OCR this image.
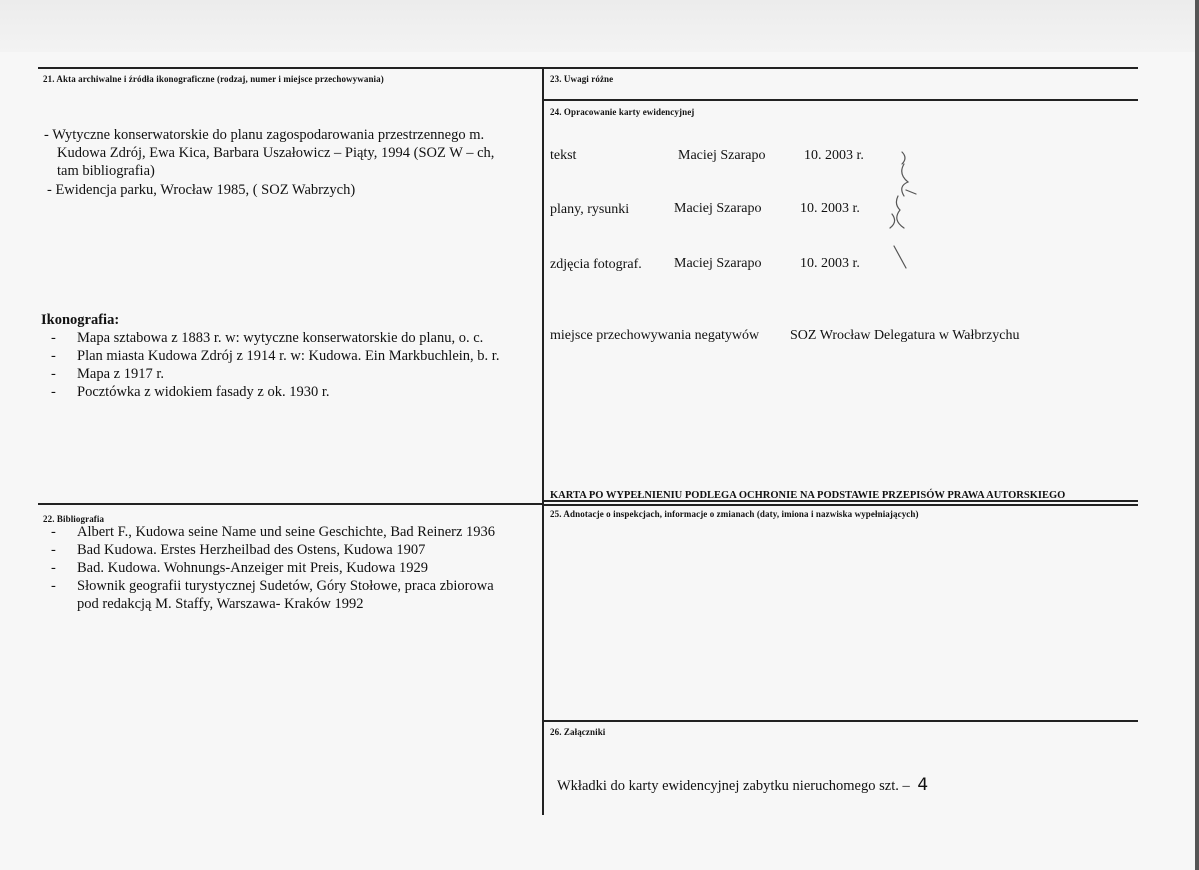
21. Akta archiwalne i źródła ikonograficzne (rodzaj, numer i miejsce przechowywania)
- Wytyczne konserwatorskie do planu zagospodarowania przestrzennego m.
Kudowa Zdrój, Ewa Kica, Barbara Uszałowicz – Piąty, 1994 (SOZ W – ch,
tam bibliografia)
- Ewidencja parku, Wrocław 1985, ( SOZ Wabrzych)
Ikonografia:
- Mapa sztabowa z 1883 r. w: wytyczne konserwatorskie do planu, o. c.
- Plan miasta Kudowa Zdrój z 1914 r. w: Kudowa. Ein Markbuchlein, b. r.
- Mapa z 1917 r.
- Pocztówka z widokiem fasady z ok. 1930 r.
22. Bibliografia
- Albert F., Kudowa seine Name und seine Geschichte, Bad Reinerz 1936
- Bad Kudowa. Erstes Herzheilbad des Ostens, Kudowa 1907
- Bad. Kudowa. Wohnungs-Anzeiger mit Preis, Kudowa 1929
- Słownik geografii turystycznej Sudetów, Góry Stołowe, praca zbiorowa
pod redakcją M. Staffy, Warszawa- Kraków 1992
23. Uwagi różne
24. Opracowanie karty ewidencyjnej
tekst	Maciej Szarapo	10. 2003 r.
plany, rysunki	Maciej Szarapo	10. 2003 r.
zdjęcia fotograf. Maciej Szarapo	10. 2003 r.
miejsce przechowywania negatywów SOZ Wrocław Delegatura w Wałbrzychu
KARTA PO WYPEŁNIENIU PODLEGA OCHRONIE NA PODSTAWIE PRZEPISÓW PRAWA AUTORSKIEGO
25. Adnotacje o inspekcjach, informacje o zmianach (daty, imiona i nazwiska wypełniających)
26. Załączniki
Wkładki do karty ewidencyjnej zabytku nieruchomego szt. – 4
